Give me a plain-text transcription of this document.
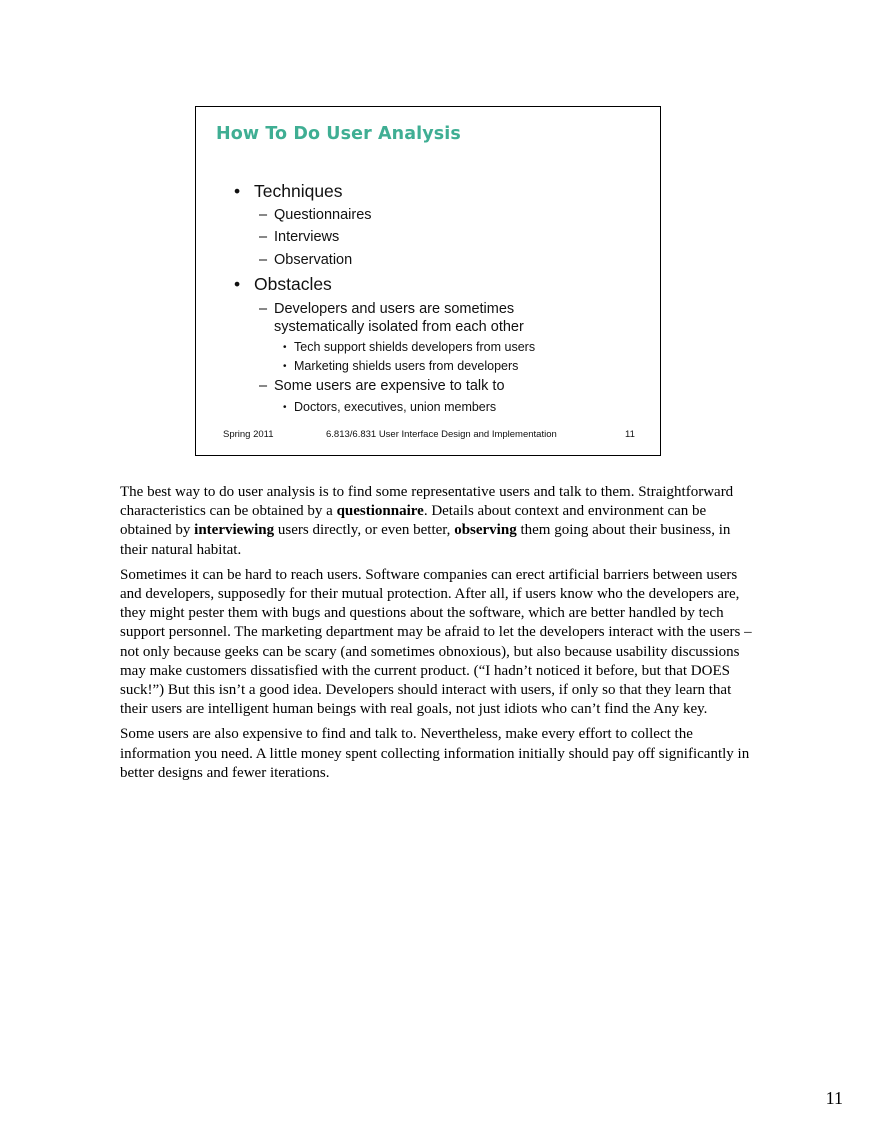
How To Do User Analysis
• Techniques
– Questionnaires
– Interviews
– Observation
• Obstacles
– Developers and users are sometimes
systematically isolated from each other
• Tech support shields developers from users
• Marketing shields users from developers
– Some users are expensive to talk to
• Doctors, executives, union members
Spring 2011	6.813/6.831 User Interface Design and Implementation	11

The best way to do user analysis is to find some representative users and talk to them. Straightforward characteristics can be obtained by a questionnaire. Details about context and environment can be obtained by interviewing users directly, or even better, observing them going about their business, in their natural habitat.

Sometimes it can be hard to reach users. Software companies can erect artificial barriers between users and developers, supposedly for their mutual protection. After all, if users know who the developers are, they might pester them with bugs and questions about the software, which are better handled by tech support personnel. The marketing department may be afraid to let the developers interact with the users – not only because geeks can be scary (and sometimes obnoxious), but also because usability discussions may make customers dissatisfied with the current product. (“I hadn’t noticed it before, but that DOES suck!”) But this isn’t a good idea. Developers should interact with users, if only so that they learn that their users are intelligent human beings with real goals, not just idiots who can’t find the Any key.

Some users are also expensive to find and talk to. Nevertheless, make every effort to collect the information you need. A little money spent collecting information initially should pay off significantly in better designs and fewer iterations.

11
